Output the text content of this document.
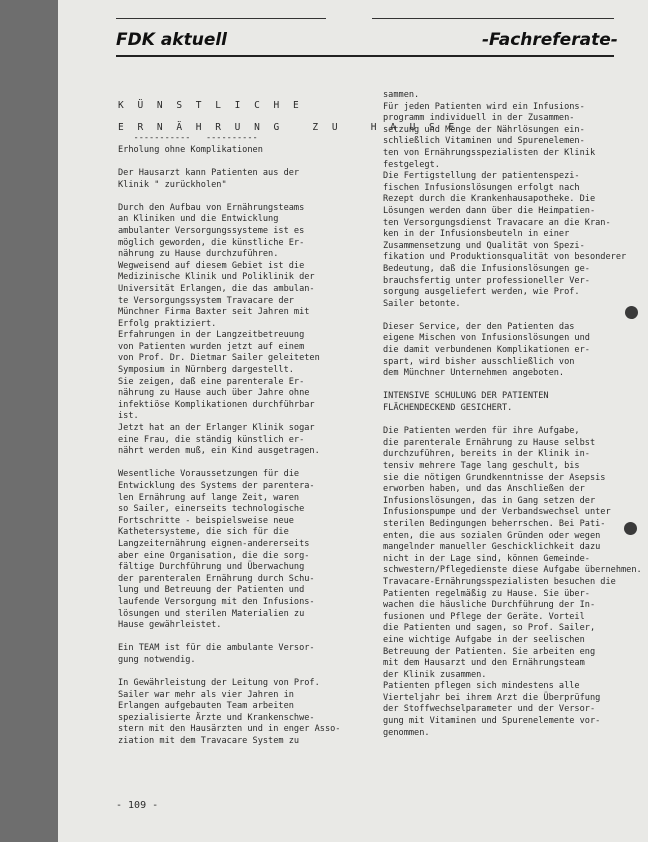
FDK aktuell	-Fachreferate-

K Ü N S T L I C H E

E R N Ä H R U N G   Z U   H A U S E

-----------   ----------

Erholung ohne Komplikationen

Der Hausarzt kann Patienten aus der

Klinik " zurückholen"

Durch den Aufbau von Ernährungsteams

an Kliniken und die Entwicklung

ambulanter Versorgungssysteme ist es

möglich geworden, die künstliche Er-

nährung zu Hause durchzuführen.

Wegweisend auf diesem Gebiet ist die

Medizinische Klinik und Poliklinik der

Universität Erlangen, die das ambulan-

te Versorgungssystem Travacare der

Münchner Firma Baxter seit Jahren mit

Erfolg praktiziert.

Erfahrungen in der Langzeitbetreuung

von Patienten wurden jetzt auf einem

von Prof. Dr. Dietmar Sailer geleiteten

Symposium in Nürnberg dargestellt.

Sie zeigen, daß eine parenterale Er-

nährung zu Hause auch über Jahre ohne

infektiöse Komplikationen durchführbar

ist.

Jetzt hat an der Erlanger Klinik sogar

eine Frau, die ständig künstlich er-

nährt werden muß, ein Kind ausgetragen.

Wesentliche Voraussetzungen für die

Entwicklung des Systems der parentera-

len Ernährung auf lange Zeit, waren

so Sailer, einerseits technologische

Fortschritte - beispielsweise neue

Kathetersysteme, die sich für die

Langzeiternährung eignen-andererseits

aber eine Organisation, die die sorg-

fältige Durchführung und Überwachung

der parenteralen Ernährung durch Schu-

lung und Betreuung der Patienten und

laufende Versorgung mit den Infusions-

lösungen und sterilen Materialien zu

Hause gewährleistet.

Ein TEAM ist für die ambulante Versor-

gung notwendig.

In Gewährleistung der Leitung von Prof.

Sailer war mehr als vier Jahren in

Erlangen aufgebauten Team arbeiten

spezialisierte Ärzte und Krankenschwe-

stern mit den Hausärzten und in enger Asso-

ziation mit dem Travacare System zu

sammen.

Für jeden Patienten wird ein Infusions-

programm individuell in der Zusammen-

setzung und Menge der Nährlösungen ein-

schließlich Vitaminen und Spurenelemen-

ten von Ernährungsspezialisten der Klinik

festgelegt.

Die Fertigstellung der patientenspezi-

fischen Infusionslösungen erfolgt nach

Rezept durch die Krankenhausapotheke. Die

Lösungen werden dann über die Heimpatien-

ten Versorgungsdienst Travacare an die Kran-

ken in der Infusionsbeuteln in einer

Zusammensetzung und Qualität von Spezi-

fikation und Produktionsqualität von besonderer

Bedeutung, daß die Infusionslösungen ge-

brauchsfertig unter professioneller Ver-

sorgung ausgeliefert werden, wie Prof.

Sailer betonte.

Dieser Service, der den Patienten das

eigene Mischen von Infusionslösungen und

die damit verbundenen Komplikationen er-

spart, wird bisher ausschließlich von

dem Münchner Unternehmen angeboten.

INTENSIVE SCHULUNG DER PATIENTEN

FLÄCHENDECKEND GESICHERT.

Die Patienten werden für ihre Aufgabe,

die parenterale Ernährung zu Hause selbst

durchzuführen, bereits in der Klinik in-

tensiv mehrere Tage lang geschult, bis

sie die nötigen Grundkenntnisse der Asepsis

erworben haben, und das Anschließen der

Infusionslösungen, das in Gang setzen der

Infusionspumpe und der Verbandswechsel unter

sterilen Bedingungen beherrschen. Bei Pati-

enten, die aus sozialen Gründen oder wegen

mangelnder manueller Geschicklichkeit dazu

nicht in der Lage sind, können Gemeinde-

schwestern/Pflegedienste diese Aufgabe übernehmen.

Travacare-Ernährungsspezialisten besuchen die

Patienten regelmäßig zu Hause. Sie über-

wachen die häusliche Durchführung der In-

fusionen und Pflege der Geräte. Vorteil

die Patienten und sagen, so Prof. Sailer,

eine wichtige Aufgabe in der seelischen

Betreuung der Patienten. Sie arbeiten eng

mit dem Hausarzt und den Ernährungsteam

der Klinik zusammen.

Patienten pflegen sich mindestens alle

Vierteljahr bei ihrem Arzt die Überprüfung

der Stoffwechselparameter und der Versor-

gung mit Vitaminen und Spurenelemente vor-

genommen.

- 109 -
